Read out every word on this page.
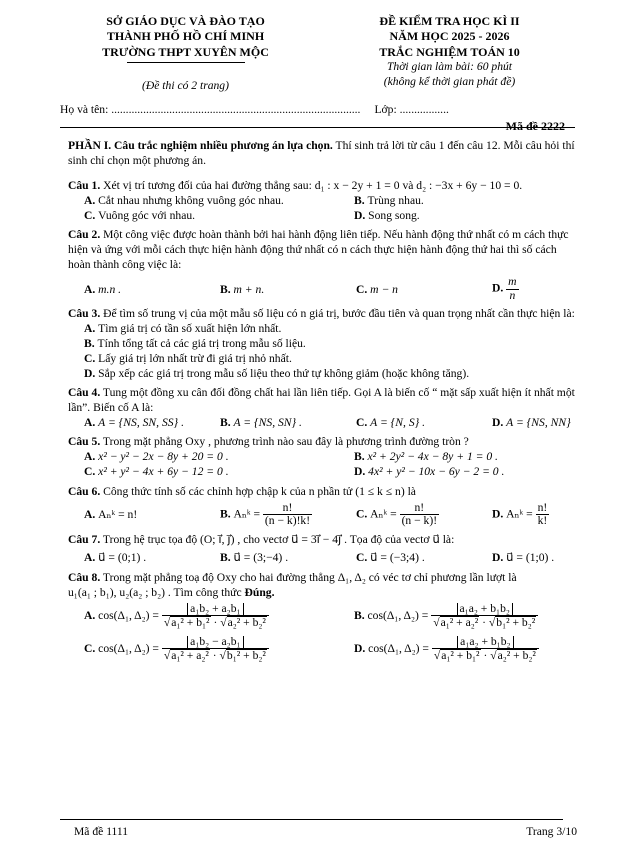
SỞ GIÁO DỤC VÀ ĐÀO TẠO
THÀNH PHỐ HỒ CHÍ MINH
TRƯỜNG THPT XUYÊN MỘC
(Đề thi có 2 trang)
ĐỀ KIỂM TRA HỌC KÌ II
NĂM HỌC 2025 - 2026
TRẮC NGHIỆM TOÁN 10
Thời gian làm bài: 60 phút
(không kể thời gian phát đề)
Mã đề 2222
Họ và tên: ...................................................................................... Lớp: .................
PHẦN I. Câu trắc nghiệm nhiều phương án lựa chọn. Thí sinh trả lời từ câu 1 đến câu 12. Mỗi câu hỏi thí sinh chỉ chọn một phương án.
Câu 1. Xét vị trí tương đối của hai đường thẳng sau: d₁ : x − 2y + 1 = 0 và d₂ : −3x + 6y − 10 = 0.
A. Cắt nhau nhưng không vuông góc nhau.	B. Trùng nhau.
C. Vuông góc với nhau.	D. Song song.
Câu 2. Một công việc được hoàn thành bởi hai hành động liên tiếp. Nếu hành động thứ nhất có m cách thực hiện và ứng với mỗi cách thực hiện hành động thứ nhất có n cách thực hiện hành động thứ hai thì số cách hoàn thành công việc là:
A. m.n .	B. m + n.	C. m − n	D. $\frac{m}{n}$
Câu 3. Để tìm số trung vị của một mẫu số liệu có n giá trị, bước đầu tiên và quan trọng nhất cần thực hiện là:
A. Tìm giá trị có tần số xuất hiện lớn nhất.
B. Tính tổng tất cả các giá trị trong mẫu số liệu.
C. Lấy giá trị lớn nhất trừ đi giá trị nhỏ nhất.
D. Sắp xếp các giá trị trong mẫu số liệu theo thứ tự không giảm (hoặc không tăng).
Câu 4. Tung một đồng xu cân đối đồng chất hai lần liên tiếp. Gọi A là biến cố “ mặt sấp xuất hiện ít nhất một lần”. Biến cố A là:
A. A = {NS, SN, SS} .	B. A = {NS, SN} .	C. A = {N, S} .	D. A = {NS, NN}
Câu 5. Trong mặt phẳng Oxy , phương trình nào sau đây là phương trình đường tròn ?
A. x² − y² − 2x − 8y + 20 = 0 .	B. x² + 2y² − 4x − 8y + 1 = 0 .
C. x² + y² − 4x + 6y − 12 = 0 .	D. 4x² + y² − 10x − 6y − 2 = 0 .
Câu 6. Công thức tính số các chỉnh hợp chập k của n phần tử (1 ≤ k ≤ n) là
A. Aₙᵏ = n!	B. Aₙᵏ = $\frac{n!}{(n - k)!k!}$	C. Aₙᵏ = $\frac{n!}{(n - k)!}$	D. Aₙᵏ = $\frac{n!}{k!}$
Câu 7. Trong hệ trục tọa độ (O; i⃗, j⃗) , cho vectơ u⃗ = 3i⃗ − 4j⃗ . Tọa độ của vectơ u⃗ là:
A. u⃗ = (0;1) .	B. u⃗ = (3;−4) .	C. u⃗ = (−3;4) .	D. u⃗ = (1;0) .
Câu 8. Trong mặt phẳng toạ độ Oxy cho hai đường thẳng Δ₁, Δ₂ có véc tơ chỉ phương lần lượt là
u₁(a₁ ; b₁), u₂(a₂ ; b₂) . Tìm công thức Đúng.
A. cos(Δ₁, $\Delta_2) = \frac{\text{a₁b₂ + a₂b₁}}{\text{√a₁² + b₁² · √a₂² + b₂²}}$	B. cos(Δ₁, $\Delta_2) = \frac{\text{a₁a₂ + b₁b₂}}{\text{√a₁² + a₂² · √b₁² + b₂²}}$
C. cos(Δ₁, $\Delta_2) = \frac{\text{a₁b₂ − a₂b₁}}{\text{√a₁² + a₂² · √b₁² + b₂²}}$	D. cos(Δ₁, $\Delta_2) = \frac{\text{a₁a₂ + b₁b₂}}{\text{√a₁² + b₁² · √a₂² + b₂²}}$
Mã đề 1111	Trang 3/10
